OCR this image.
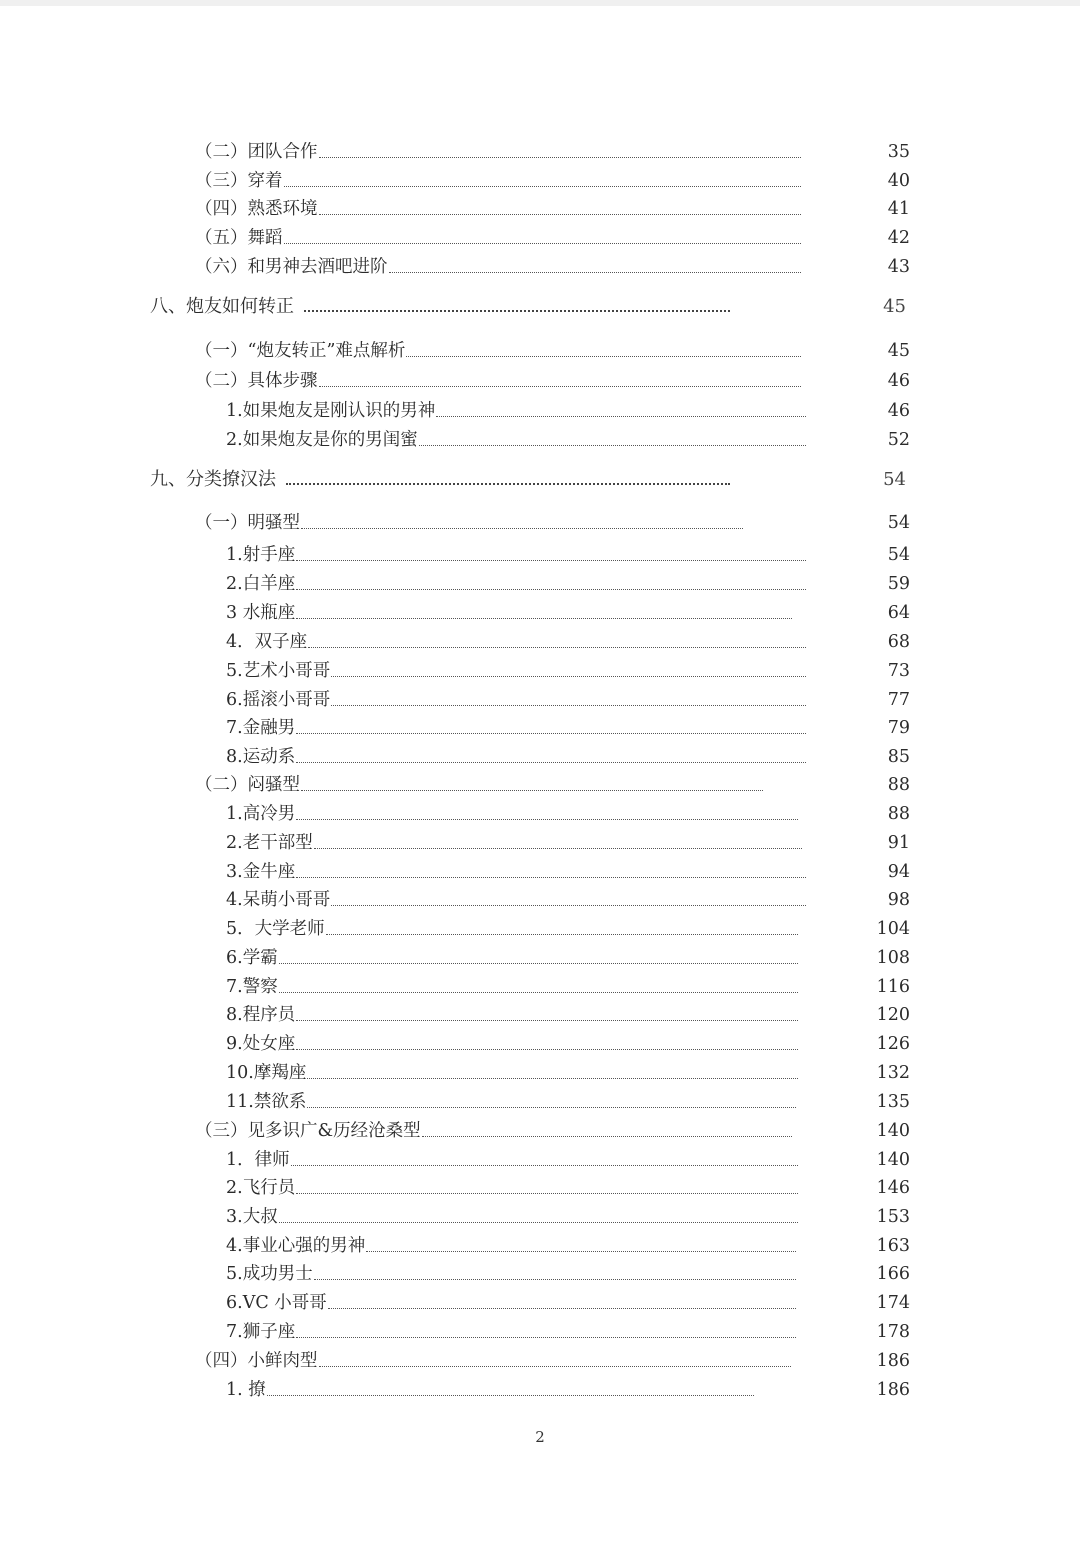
（二）团队合作	35
（三）穿着	40
（四）熟悉环境	41
（五）舞蹈	42
（六）和男神去酒吧进阶	43
八、炮友如何转正	45
（一）“炮友转正”难点解析	45
（二）具体步骤	46
1.如果炮友是刚认识的男神	46
2.如果炮友是你的男闺蜜	52
九、分类撩汉法	54
（一）明骚型	54
1.射手座	54
2.白羊座	59
3 水瓶座	64
4．双子座	68
5.艺术小哥哥	73
6.摇滚小哥哥	77
7.金融男	79
8.运动系	85
（二）闷骚型	88
1.高冷男	88
2.老干部型	91
3.金牛座	94
4.呆萌小哥哥	98
5．大学老师	104
6.学霸	108
7.警察	116
8.程序员	120
9.处女座	126
10.摩羯座	132
11.禁欲系	135
（三）见多识广&历经沧桑型	140
1．律师	140
2.飞行员	146
3.大叔	153
4.事业心强的男神	163
5.成功男士	166
6.VC 小哥哥	174
7.狮子座	178
（四）小鲜肉型	186
1. 撩	186
2
